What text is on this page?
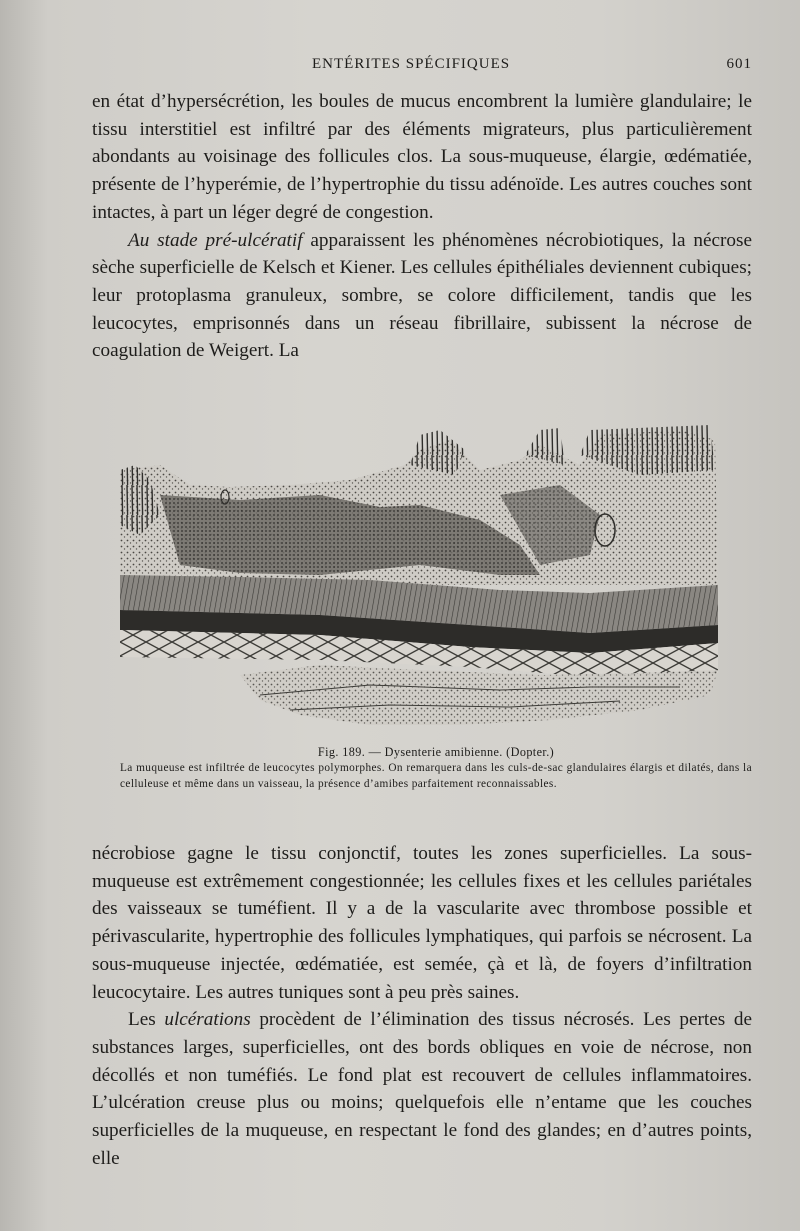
ENTÉRITES SPÉCIFIQUES	601

en état d’hypersécrétion, les boules de mucus encombrent la lumière glandulaire; le tissu interstitiel est infiltré par des éléments migrateurs, plus particulièrement abondants au voisinage des follicules clos. La sous-muqueuse, élargie, œdématiée, présente de l’hyperémie, de l’hypertrophie du tissu adénoïde. Les autres couches sont intactes, à part un léger degré de congestion.

Au stade pré-ulcératif apparaissent les phénomènes nécrobiotiques, la nécrose sèche superficielle de Kelsch et Kiener. Les cellules épithéliales deviennent cubiques; leur protoplasma granuleux, sombre, se colore difficilement, tandis que les leucocytes, emprisonnés dans un réseau fibrillaire, subissent la nécrose de coagulation de Weigert. La

Fig. 189. — Dysenterie amibienne. (Dopter.)
La muqueuse est infiltrée de leucocytes polymorphes. On remarquera dans les culs-de-sac glandulaires élargis et dilatés, dans la celluleuse et même dans un vaisseau, la présence d’amibes parfaitement reconnaissables.

nécrobiose gagne le tissu conjonctif, toutes les zones superficielles. La sous-muqueuse est extrêmement congestionnée; les cellules fixes et les cellules pariétales des vaisseaux se tuméfient. Il y a de la vascularite avec thrombose possible et périvascularite, hypertrophie des follicules lymphatiques, qui parfois se nécrosent. La sous-muqueuse injectée, œdématiée, est semée, çà et là, de foyers d’infiltration leucocytaire. Les autres tuniques sont à peu près saines.

Les ulcérations procèdent de l’élimination des tissus nécrosés. Les pertes de substances larges, superficielles, ont des bords obliques en voie de nécrose, non décollés et non tuméfiés. Le fond plat est recouvert de cellules inflammatoires. L’ulcération creuse plus ou moins; quelquefois elle n’entame que les couches superficielles de la muqueuse, en respectant le fond des glandes; en d’autres points, elle
